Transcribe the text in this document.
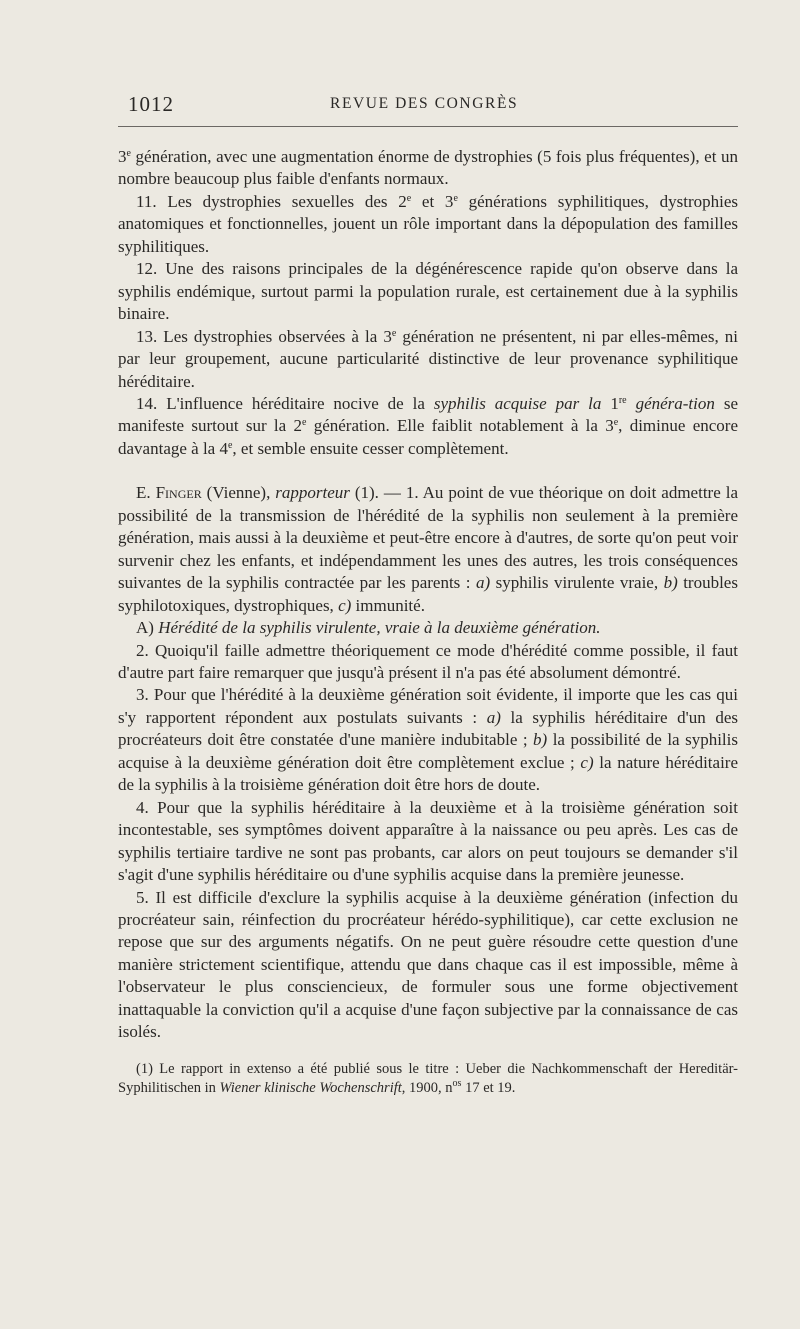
1012	REVUE DES CONGRÈS

3e génération, avec une augmentation énorme de dystrophies (5 fois plus fréquentes), et un nombre beaucoup plus faible d'enfants normaux.

11. Les dystrophies sexuelles des 2e et 3e générations syphilitiques, dystrophies anatomiques et fonctionnelles, jouent un rôle important dans la dépopulation des familles syphilitiques.

12. Une des raisons principales de la dégénérescence rapide qu'on observe dans la syphilis endémique, surtout parmi la population rurale, est certainement due à la syphilis binaire.

13. Les dystrophies observées à la 3e génération ne présentent, ni par elles-mêmes, ni par leur groupement, aucune particularité distinctive de leur provenance syphilitique héréditaire.

14. L'influence héréditaire nocive de la syphilis acquise par la 1re généra-tion se manifeste surtout sur la 2e génération. Elle faiblit notablement à la 3e, diminue encore davantage à la 4e, et semble ensuite cesser complètement.

E. Finger (Vienne), rapporteur (1). — 1. Au point de vue théorique on doit admettre la possibilité de la transmission de l'hérédité de la syphilis non seulement à la première génération, mais aussi à la deuxième et peut-être encore à d'autres, de sorte qu'on peut voir survenir chez les enfants, et indépendamment les unes des autres, les trois conséquences suivantes de la syphilis contractée par les parents : a) syphilis virulente vraie, b) troubles syphilotoxiques, dystrophiques, c) immunité.

A) Hérédité de la syphilis virulente, vraie à la deuxième génération.

2. Quoiqu'il faille admettre théoriquement ce mode d'hérédité comme possible, il faut d'autre part faire remarquer que jusqu'à présent il n'a pas été absolument démontré.

3. Pour que l'hérédité à la deuxième génération soit évidente, il importe que les cas qui s'y rapportent répondent aux postulats suivants : a) la syphilis héréditaire d'un des procréateurs doit être constatée d'une manière indubitable ; b) la possibilité de la syphilis acquise à la deuxième génération doit être complètement exclue ; c) la nature héréditaire de la syphilis à la troisième génération doit être hors de doute.

4. Pour que la syphilis héréditaire à la deuxième et à la troisième génération soit incontestable, ses symptômes doivent apparaître à la naissance ou peu après. Les cas de syphilis tertiaire tardive ne sont pas probants, car alors on peut toujours se demander s'il s'agit d'une syphilis héréditaire ou d'une syphilis acquise dans la première jeunesse.

5. Il est difficile d'exclure la syphilis acquise à la deuxième génération (infection du procréateur sain, réinfection du procréateur hérédo-syphilitique), car cette exclusion ne repose que sur des arguments négatifs. On ne peut guère résoudre cette question d'une manière strictement scientifique, attendu que dans chaque cas il est impossible, même à l'observateur le plus consciencieux, de formuler sous une forme objectivement inattaquable la conviction qu'il a acquise d'une façon subjective par la connaissance de cas isolés.

(1) Le rapport in extenso a été publié sous le titre : Ueber die Nachkommenschaft der Hereditär-Syphilitischen in Wiener klinische Wochenschrift, 1900, $n^{os}$ 17 et 19.
